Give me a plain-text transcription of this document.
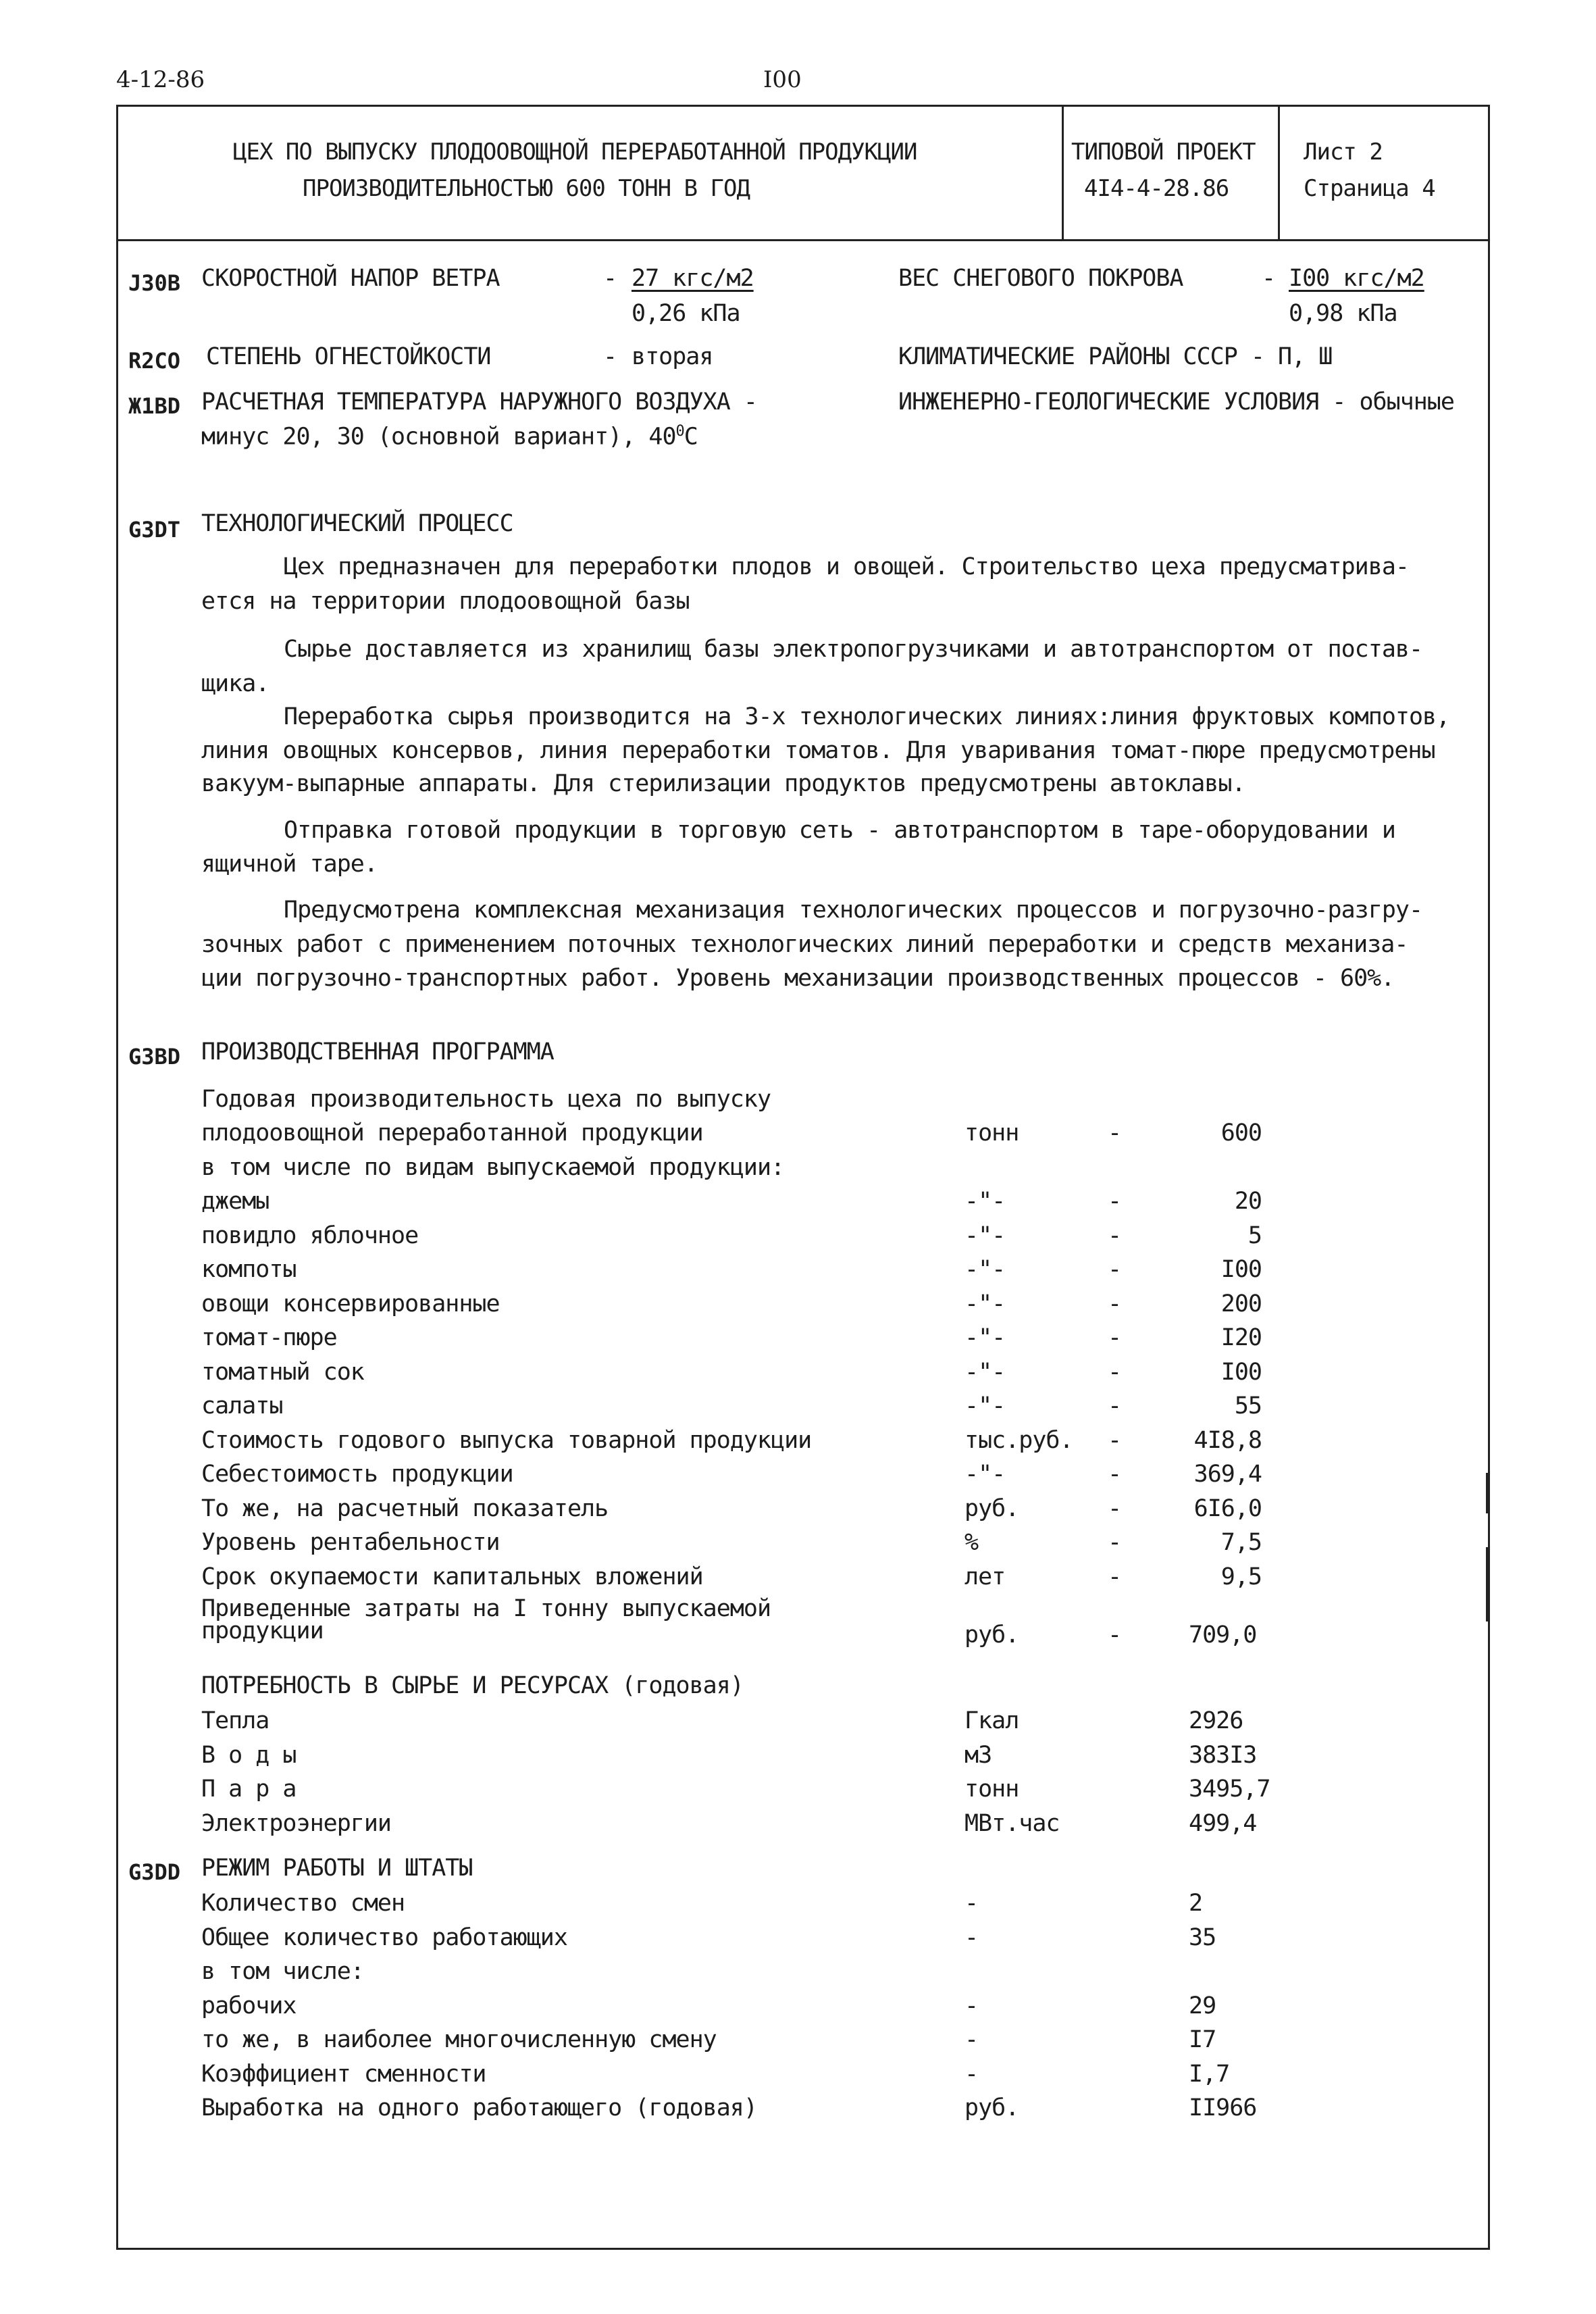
4-12-86	I00
ЦЕХ ПО ВЫПУСКУ ПЛОДООВОЩНОЙ ПЕРЕРАБОТАННОЙ ПРОДУКЦИИ
ПРОИЗВОДИТЕЛЬНОСТЬЮ 600 ТОНН В ГОД
ТИПОВОЙ ПРОЕКТ
4I4-4-28.86
Лист 2
Страница 4
J30B СКОРОСТНОЙ НАПОР ВЕТРА	- 27 кгс/м2
0,26 кПа
ВЕС СНЕГОВОГО ПОКРОВА	- I00 кгс/м2
0,98 кПа
R2CO СТЕПЕНЬ ОГНЕСТОЙКОСТИ	- вторая	КЛИМАТИЧЕСКИЕ РАЙОНЫ СССР - П, Ш
Ж1BD РАСЧЕТНАЯ ТЕМПЕРАТУРА НАРУЖНОГО ВОЗДУХА -
минус 20, 30 (основной вариант), $40^0С$
ИНЖЕНЕРНО-ГЕОЛОГИЧЕСКИЕ УСЛОВИЯ - обычные
G3DT ТЕХНОЛОГИЧЕСКИЙ ПРОЦЕСС
Цех предназначен для переработки плодов и овощей. Строительство цеха предусматрива-
ется на территории плодоовощной базы
Сырье доставляется из хранилищ базы электропогрузчиками и автотранспортом от постав-
щика.
Переработка сырья производится на 3-х технологических линиях:линия фруктовых компотов,
линия овощных консервов, линия переработки томатов. Для уваривания томат-пюре предусмотрены
вакуум-выпарные аппараты. Для стерилизации продуктов предусмотрены автоклавы.
Отправка готовой продукции в торговую сеть - автотранспортом в таре-оборудовании и
ящичной таре.
Предусмотрена комплексная механизация технологических процессов и погрузочно-разгру-
зочных работ с применением поточных технологических линий переработки и средств механиза-
ции погрузочно-транспортных работ. Уровень механизации производственных процессов - 60%.
G3BD ПРОИЗВОДСТВЕННАЯ ПРОГРАММА
Годовая производительность цеха по выпуску
плодоовощной переработанной продукции	тонн	-	600
в том числе по видам выпускаемой продукции:
джемы	-"-	-	20
повидло яблочное	-"-	-	5
компоты	-"-	-	I00
овощи консервированные	-"-	-	200
томат-пюре	-"-	-	I20
томатный сок	-"-	-	I00
салаты	-"-	-	55
Стоимость годового выпуска товарной продукции	тыс.руб. -	4I8,8
Себестоимость продукции	-"-	-	369,4
То же, на расчетный показатель	руб.	-	6I6,0
Уровень рентабельности	%	-	7,5
Срок окупаемости капитальных вложений	лет	-	9,5
Приведенные затраты на I тонну выпускаемой
продукции	руб.	-	709,0
ПОТРЕБНОСТЬ В СЫРЬЕ И РЕСУРСАХ (годовая)
Тепла	Гкал	2926
В о д ы	м3	383I3
П а р а	тонн	3495,7
Электроэнергии	МВт.час	499,4
G3DD РЕЖИМ РАБОТЫ И ШТАТЫ
Количество смен	-	2
Общее количество работающих	-	35
в том числе:
рабочих	-	29
то же, в наиболее многочисленную смену	-	I7
Коэффициент сменности	-	I,7
Выработка на одного работающего (годовая)	руб.	II966
